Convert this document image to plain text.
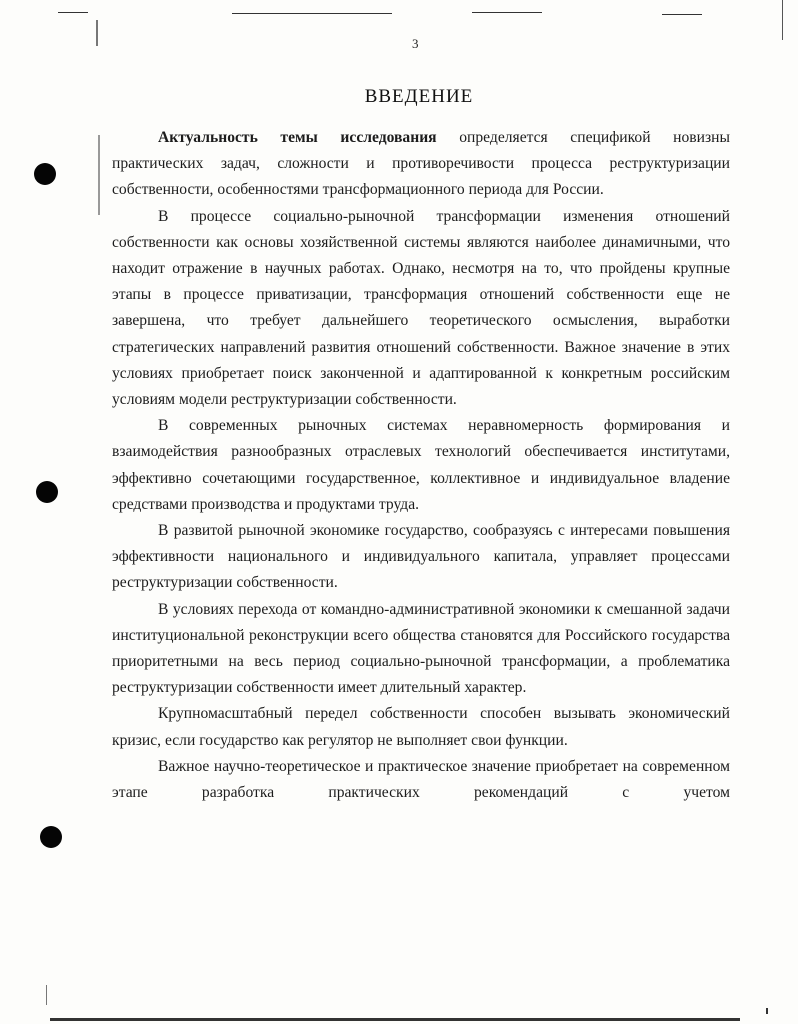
3
ВВЕДЕНИЕ

Актуальность темы исследования определяется спецификой новизны практических задач, сложности и противоречивости процесса реструктуризации собственности, особенностями трансформационного периода для России.

В процессе социально-рыночной трансформации изменения отношений собственности как основы хозяйственной системы являются наиболее динамичными, что находит отражение в научных работах. Однако, несмотря на то, что пройдены крупные этапы в процессе приватизации, трансформация отношений собственности еще не завершена, что требует дальнейшего теоретического осмысления, выработки стратегических направлений развития отношений собственности. Важное значение в этих условиях приобретает поиск законченной и адаптированной к конкретным российским условиям модели реструктуризации собственности.

В современных рыночных системах неравномерность формирования и взаимодействия разнообразных отраслевых технологий обеспечивается институтами, эффективно сочетающими государственное, коллективное и индивидуальное владение средствами производства и продуктами труда.

В развитой рыночной экономике государство, сообразуясь с интересами повышения эффективности национального и индивидуального капитала, управляет процессами реструктуризации собственности.

В условиях перехода от командно-административной экономики к смешанной задачи институциональной реконструкции всего общества становятся для Российского государства приоритетными на весь период социально-рыночной трансформации, а проблематика реструктуризации собственности имеет длительный характер.

Крупномасштабный передел собственности способен вызывать экономический кризис, если государство как регулятор не выполняет свои функции.

Важное научно-теоретическое и практическое значение приобретает на современном этапе разработка практических рекомендаций с учетом
